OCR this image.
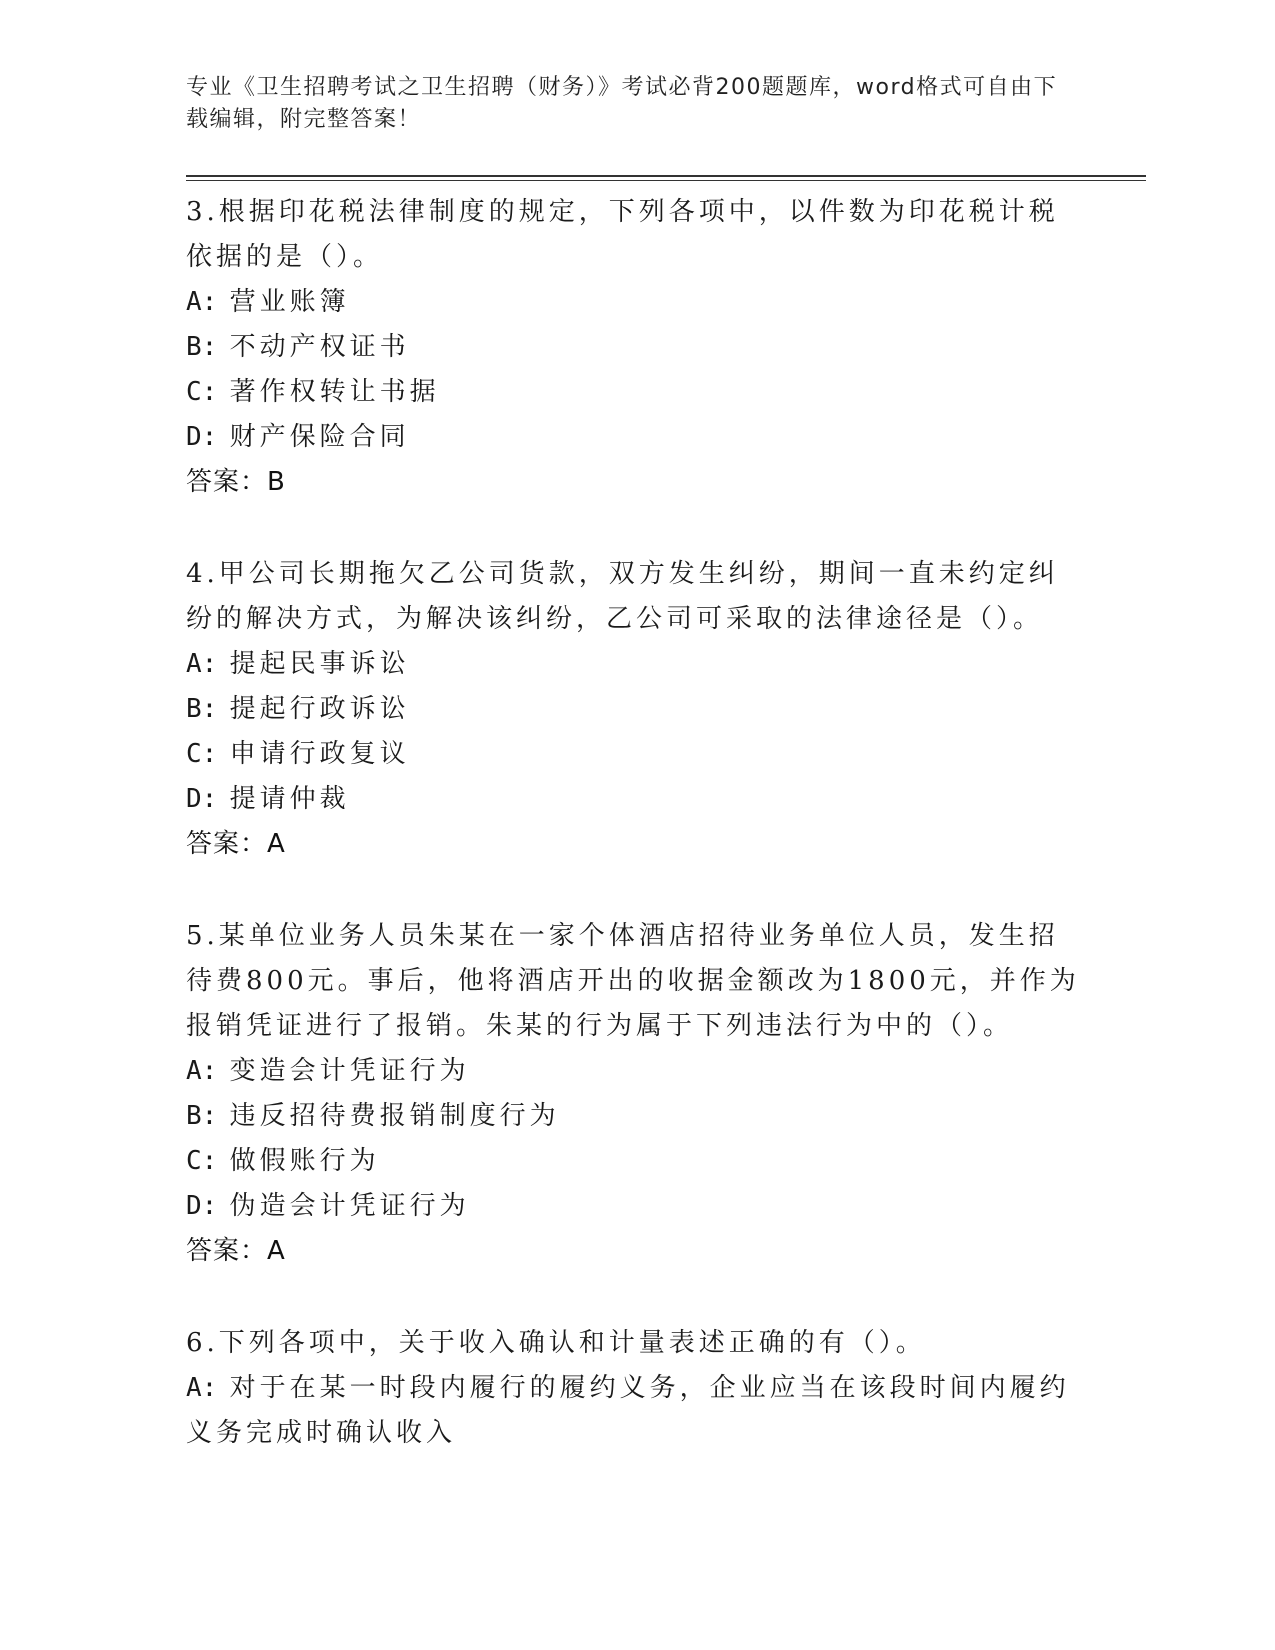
专业《卫生招聘考试之卫生招聘（财务）》考试必背200题题库，word格式可自由下载编辑，附完整答案！
3.根据印花税法律制度的规定，下列各项中，以件数为印花税计税依据的是（）。
A: 营业账簿
B: 不动产权证书
C: 著作权转让书据
D: 财产保险合同
答案：B
4.甲公司长期拖欠乙公司货款，双方发生纠纷，期间一直未约定纠纷的解决方式，为解决该纠纷，乙公司可采取的法律途径是（）。
A: 提起民事诉讼
B: 提起行政诉讼
C: 申请行政复议
D: 提请仲裁
答案：A
5.某单位业务人员朱某在一家个体酒店招待业务单位人员，发生招待费800元。事后，他将酒店开出的收据金额改为1800元，并作为报销凭证进行了报销。朱某的行为属于下列违法行为中的（）。
A: 变造会计凭证行为
B: 违反招待费报销制度行为
C: 做假账行为
D: 伪造会计凭证行为
答案：A
6.下列各项中，关于收入确认和计量表述正确的有（）。
A: 对于在某一时段内履行的履约义务，企业应当在该段时间内履约义务完成时确认收入
